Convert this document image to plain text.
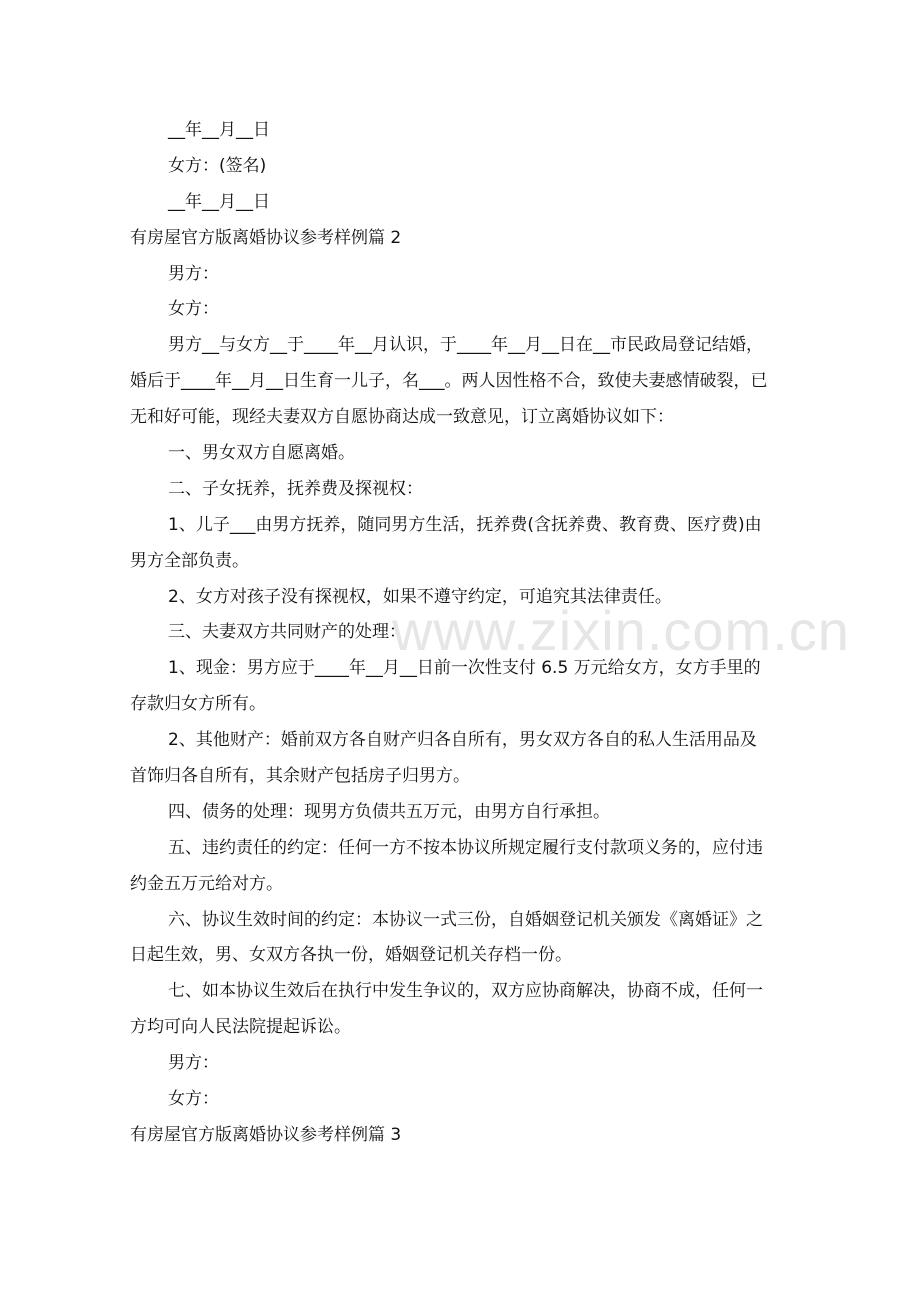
www.zixin.com.cn
__年__月__日
女方：(签名)
__年__月__日
有房屋官方版离婚协议参考样例篇 2
男方：
女方：
男方__与女方__于____年__月认识，于____年__月__日在__市民政局登记结婚，
婚后于____年__月__日生育一儿子，名___。两人因性格不合，致使夫妻感情破裂，已
无和好可能，现经夫妻双方自愿协商达成一致意见，订立离婚协议如下：
一、男女双方自愿离婚。
二、子女抚养，抚养费及探视权：
1、儿子___由男方抚养，随同男方生活，抚养费(含抚养费、教育费、医疗费)由
男方全部负责。
2、女方对孩子没有探视权，如果不遵守约定，可追究其法律责任。
三、夫妻双方共同财产的处理：
1、现金：男方应于____年__月__日前一次性支付 6.5 万元给女方，女方手里的
存款归女方所有。
2、其他财产：婚前双方各自财产归各自所有，男女双方各自的私人生活用品及
首饰归各自所有，其余财产包括房子归男方。
四、债务的处理：现男方负债共五万元，由男方自行承担。
五、违约责任的约定：任何一方不按本协议所规定履行支付款项义务的，应付违
约金五万元给对方。
六、协议生效时间的约定：本协议一式三份，自婚姻登记机关颁发《离婚证》之
日起生效，男、女双方各执一份，婚姻登记机关存档一份。
七、如本协议生效后在执行中发生争议的，双方应协商解决，协商不成，任何一
方均可向人民法院提起诉讼。
男方：
女方：
有房屋官方版离婚协议参考样例篇 3
